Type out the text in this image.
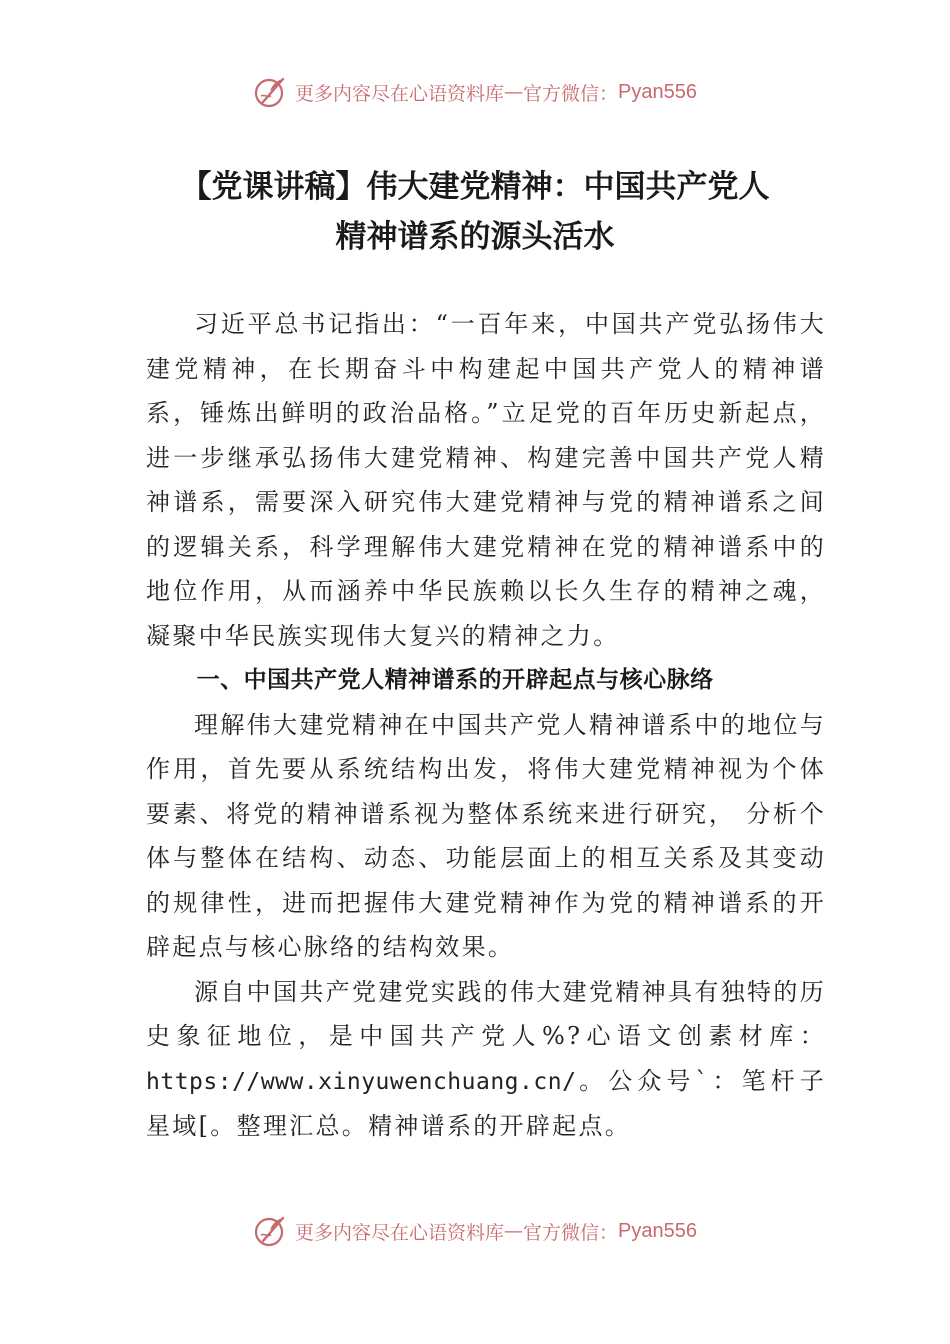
更多内容尽在心语资料库 — 官方微信： Pyan556
【党课讲稿】伟大建党精神：中国共产党人
精神谱系的源头活水

习近平总书记指出：“一百年来，中国共产党弘扬伟大建党精神，在长期奋斗中构建起中国共产党人的精神谱系，锤炼出鲜明的政治品格。”立足党的百年历史新起点，进一步继承弘扬伟大建党精神、构建完善中国共产党人精神谱系，需要深入研究伟大建党精神与党的精神谱系之间的逻辑关系，科学理解伟大建党精神在党的精神谱系中的地位作用，从而涵养中华民族赖以长久生存的精神之魂，凝聚中华民族实现伟大复兴的精神之力。

一、中国共产党人精神谱系的开辟起点与核心脉络

理解伟大建党精神在中国共产党人精神谱系中的地位与作用，首先要从系统结构出发，将伟大建党精神视为个体要素、将党的精神谱系视为整体系统来进行研究， 分析个体与整体在结构、动态、功能层面上的相互关系及其变动的规律性，进而把握伟大建党精神作为党的精神谱系的开辟起点与核心脉络的结构效果。

源自中国共产党建党实践的伟大建党精神具有独特的历史象征地位，是中国共产党人%?心语文创素材库：https://www.xinyuwenchuang.cn/。公众号`：笔杆子星域[。整理汇总。精神谱系的开辟起点。

更多内容尽在心语资料库 — 官方微信： Pyan556
